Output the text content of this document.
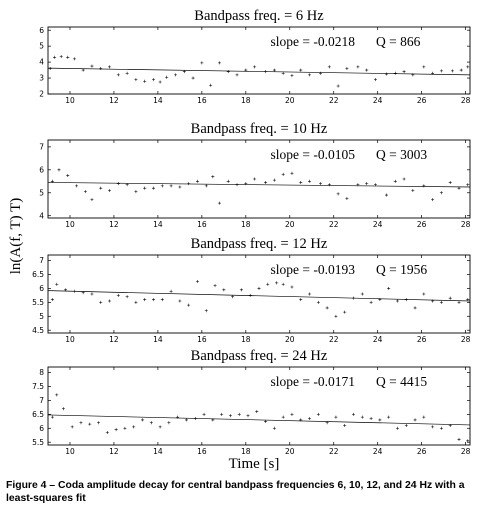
ln(A(f, T) T)
Time [s]
Bandpass freq. = 6 Hz
slope = -0.0218 Q = 866
10	12	14	16	18	20	22	24	26	28
2
3
4
5
6
Bandpass freq. = 10 Hz
slope = -0.0105 Q = 3003
10	12	14	16	18	20	22	24	26	28
4
5
6
7
Bandpass freq. = 12 Hz
slope = -0.0193 Q = 1956
10	12	14	16	18	20	22	24	26	28
4.5
5
5.5
6
6.5
7
Bandpass freq. = 24 Hz
slope = -0.0171 Q = 4415
10	12	14	16	18	20	22	24	26	28
5.5
6
6.5
7
7.5
8
Figure 4 – Coda amplitude decay for central bandpass frequencies 6, 10, 12, and 24 Hz with a least-squares fit
